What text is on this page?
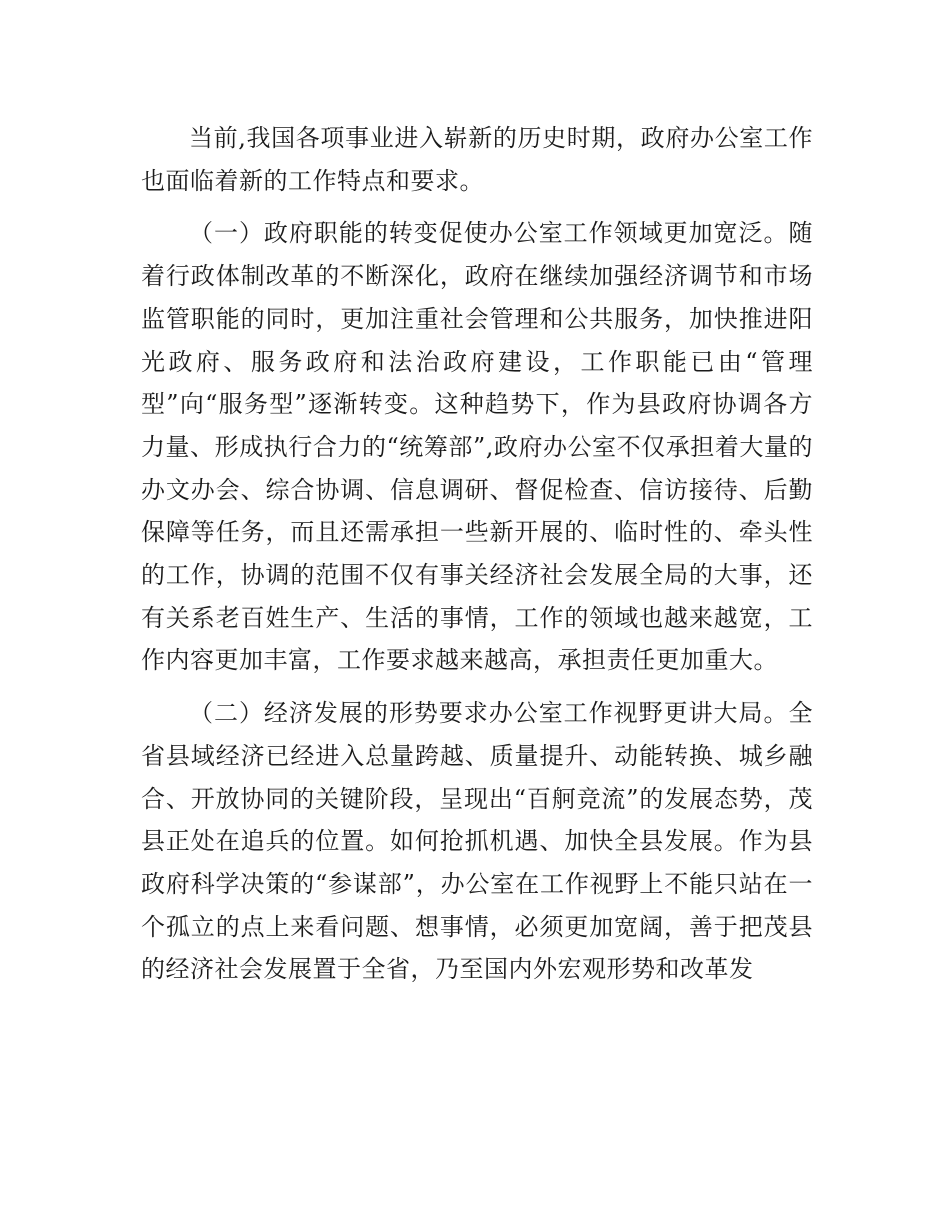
当前,我国各项事业进入崭新的历史时期，政府办公室工作也面临着新的工作特点和要求。

（一）政府职能的转变促使办公室工作领域更加宽泛。随着行政体制改革的不断深化，政府在继续加强经济调节和市场监管职能的同时，更加注重社会管理和公共服务，加快推进阳光政府、服务政府和法治政府建设，工作职能已由“管理型”向“服务型”逐渐转变。这种趋势下，作为县政府协调各方力量、形成执行合力的“统筹部”,政府办公室不仅承担着大量的办文办会、综合协调、信息调研、督促检查、信访接待、后勤保障等任务，而且还需承担一些新开展的、临时性的、牵头性的工作，协调的范围不仅有事关经济社会发展全局的大事，还有关系老百姓生产、生活的事情，工作的领域也越来越宽，工作内容更加丰富，工作要求越来越高，承担责任更加重大。

（二）经济发展的形势要求办公室工作视野更讲大局。全省县域经济已经进入总量跨越、质量提升、动能转换、城乡融合、开放协同的关键阶段，呈现出“百舸竞流”的发展态势，茂县正处在追兵的位置。如何抢抓机遇、加快全县发展。作为县政府科学决策的“参谋部”，办公室在工作视野上不能只站在一个孤立的点上来看问题、想事情，必须更加宽阔，善于把茂县的经济社会发展置于全省，乃至国内外宏观形势和改革发
